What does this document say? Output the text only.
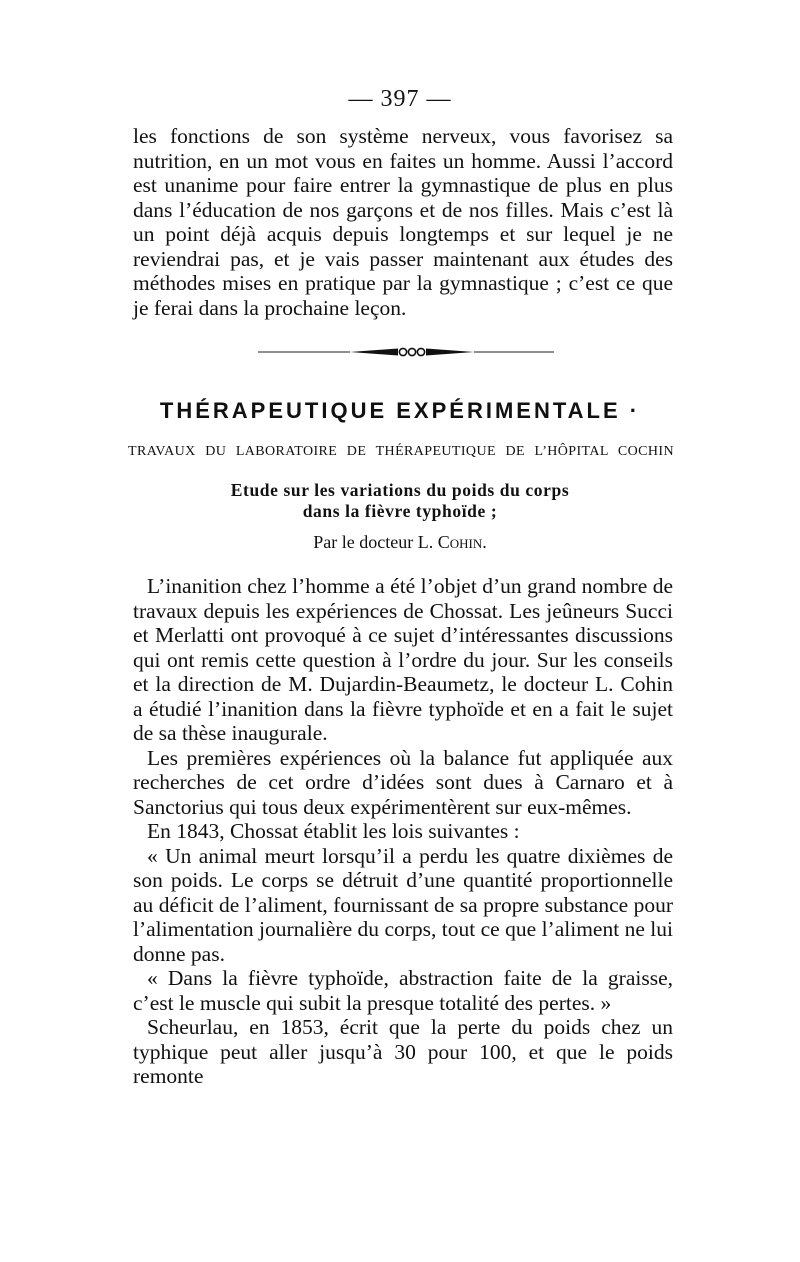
— 397 —

les fonctions de son système nerveux, vous favorisez sa nutrition, en un mot vous en faites un homme. Aussi l’accord est unanime pour faire entrer la gymnastique de plus en plus dans l’éducation de nos garçons et de nos filles. Mais c’est là un point déjà acquis depuis longtemps et sur lequel je ne reviendrai pas, et je vais passer maintenant aux études des méthodes mises en pratique par la gymnastique ; c’est ce que je ferai dans la prochaine leçon.

THÉRAPEUTIQUE EXPÉRIMENTALE ·
TRAVAUX DU LABORATOIRE DE THÉRAPEUTIQUE DE L’HÔPITAL COCHIN
Etude sur les variations du poids du corps
dans la fièvre typhoïde ;
Par le docteur L. Cohin.

L’inanition chez l’homme a été l’objet d’un grand nombre de travaux depuis les expériences de Chossat. Les jeûneurs Succi et Merlatti ont provoqué à ce sujet d’intéressantes discussions qui ont remis cette question à l’ordre du jour. Sur les conseils et la direction de M. Dujardin-Beaumetz, le docteur L. Cohin a étudié l’inanition dans la fièvre typhoïde et en a fait le sujet de sa thèse inaugurale.

Les premières expériences où la balance fut appliquée aux recherches de cet ordre d’idées sont dues à Carnaro et à Sanctorius qui tous deux expérimentèrent sur eux-mêmes.

En 1843, Chossat établit les lois suivantes :

« Un animal meurt lorsqu’il a perdu les quatre dixièmes de son poids. Le corps se détruit d’une quantité proportionnelle au déficit de l’aliment, fournissant de sa propre substance pour l’alimentation journalière du corps, tout ce que l’aliment ne lui donne pas.

« Dans la fièvre typhoïde, abstraction faite de la graisse, c’est le muscle qui subit la presque totalité des pertes. »

Scheurlau, en 1853, écrit que la perte du poids chez un typhique peut aller jusqu’à 30 pour 100, et que le poids remonte
